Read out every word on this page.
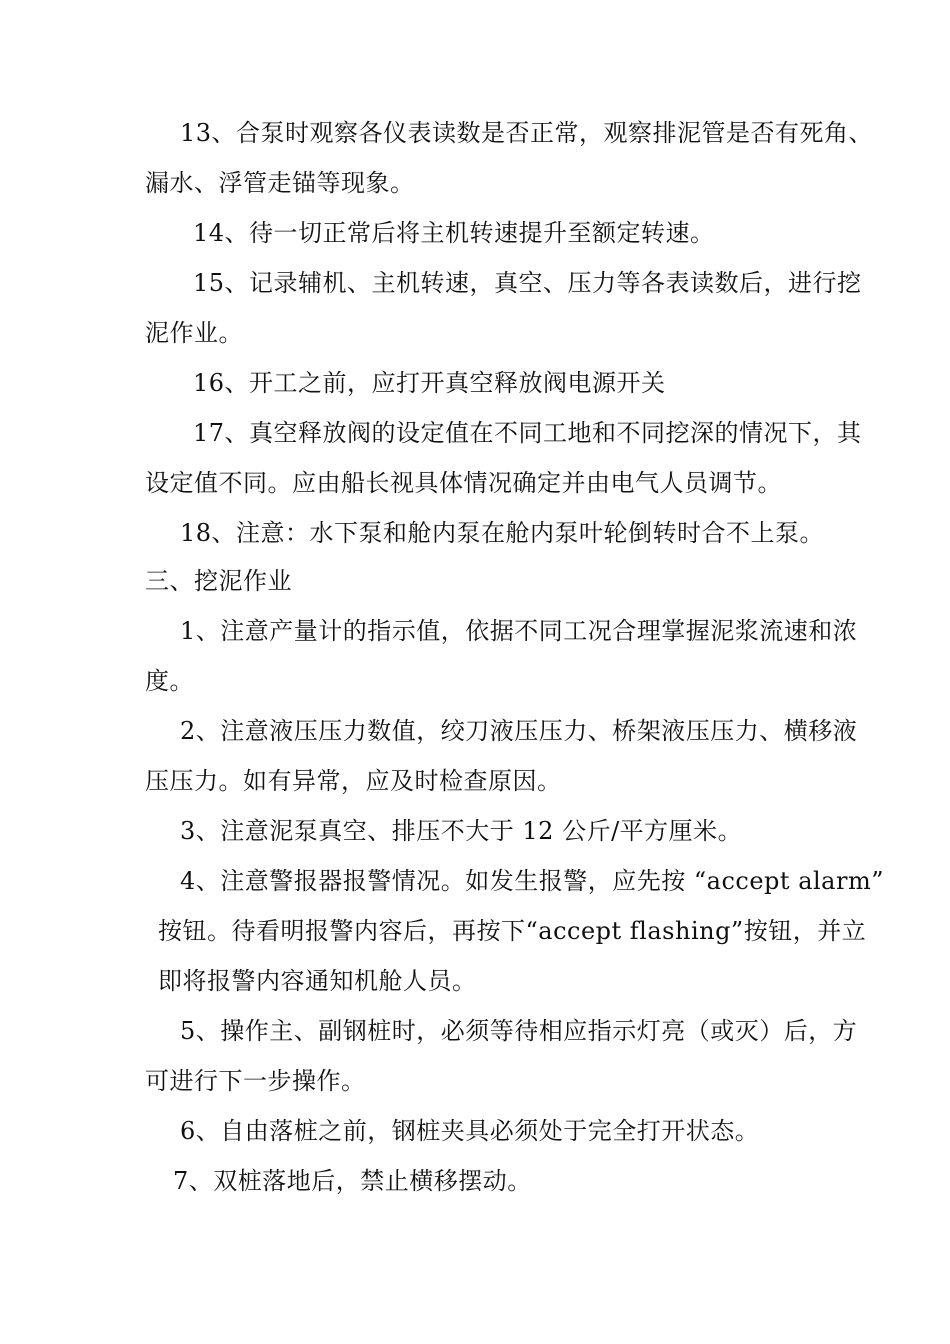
13、合泵时观察各仪表读数是否正常，观察排泥管是否有死角、
漏水、浮管走锚等现象。
14、待一切正常后将主机转速提升至额定转速。
15、记录辅机、主机转速，真空、压力等各表读数后，进行挖
泥作业。
16、开工之前，应打开真空释放阀电源开关
17、真空释放阀的设定值在不同工地和不同挖深的情况下，其
设定值不同。应由船长视具体情况确定并由电气人员调节。
18、注意：水下泵和舱内泵在舱内泵叶轮倒转时合不上泵。
三、挖泥作业
1、注意产量计的指示值，依据不同工况合理掌握泥浆流速和浓
度。
2、注意液压压力数值，绞刀液压压力、桥架液压压力、横移液
压压力。如有异常，应及时检查原因。
3、注意泥泵真空、排压不大于 12 公斤/平方厘米。
4、注意警报器报警情况。如发生报警，应先按 “accept alarm”
按钮。待看明报警内容后，再按下“accept flashing”按钮，并立
即将报警内容通知机舱人员。
5、操作主、副钢桩时，必须等待相应指示灯亮（或灭）后，方
可进行下一步操作。
6、自由落桩之前，钢桩夹具必须处于完全打开状态。
7、双桩落地后，禁止横移摆动。
